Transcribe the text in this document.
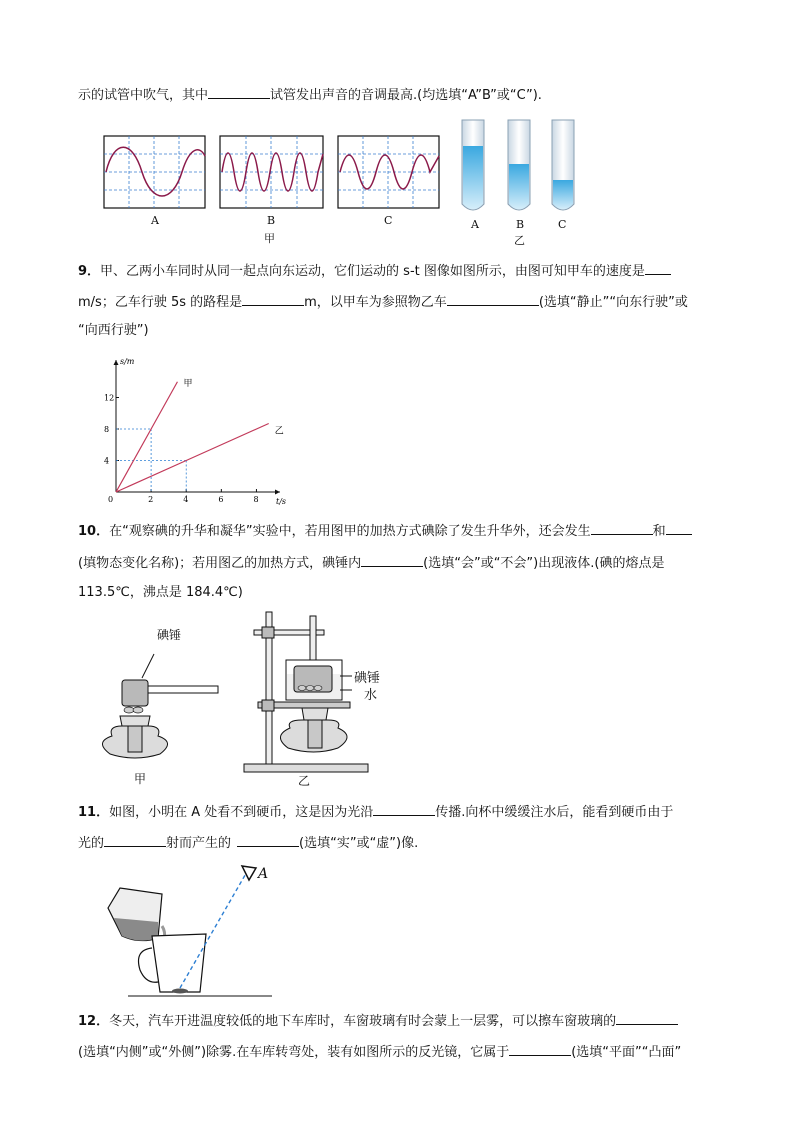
示的试管中吹气，其中	试管发出声音的音调最高.(均选填“A”B”或“C”).
A	B	C
甲
A	B	C
乙
9．甲、乙两小车同时从同一起点向东运动，它们运动的 s-t 图像如图所示，由图可知甲车的速度是
m/s；乙车行驶 5s 的路程是	m，以甲车为参照物乙车	(选填“静止”“向东行驶”或
“向西行驶”)
t/s
s/m
0	2	4	6	8
4
8
12
甲
乙
10．在“观察碘的升华和凝华”实验中，若用图甲的加热方式碘除了发生升华外，还会发生	和
(填物态变化名称)；若用图乙的加热方式，碘锤内	(选填“会”或“不会”)出现液体.(碘的熔点是
113.5℃，沸点是 184.4℃)
碘锤
甲
碘锤
水
乙
11．如图，小明在 A 处看不到硬币，这是因为光沿	传播.向杯中缓缓注水后，能看到硬币由于
光的	射而产生的	(选填“实”或“虚”)像.
A
12．冬天，汽车开进温度较低的地下车库时，车窗玻璃有时会蒙上一层雾，可以擦车窗玻璃的
(选填“内侧”或“外侧”)除雾.在车库转弯处，装有如图所示的反光镜，它属于	(选填“平面”“凸面”
